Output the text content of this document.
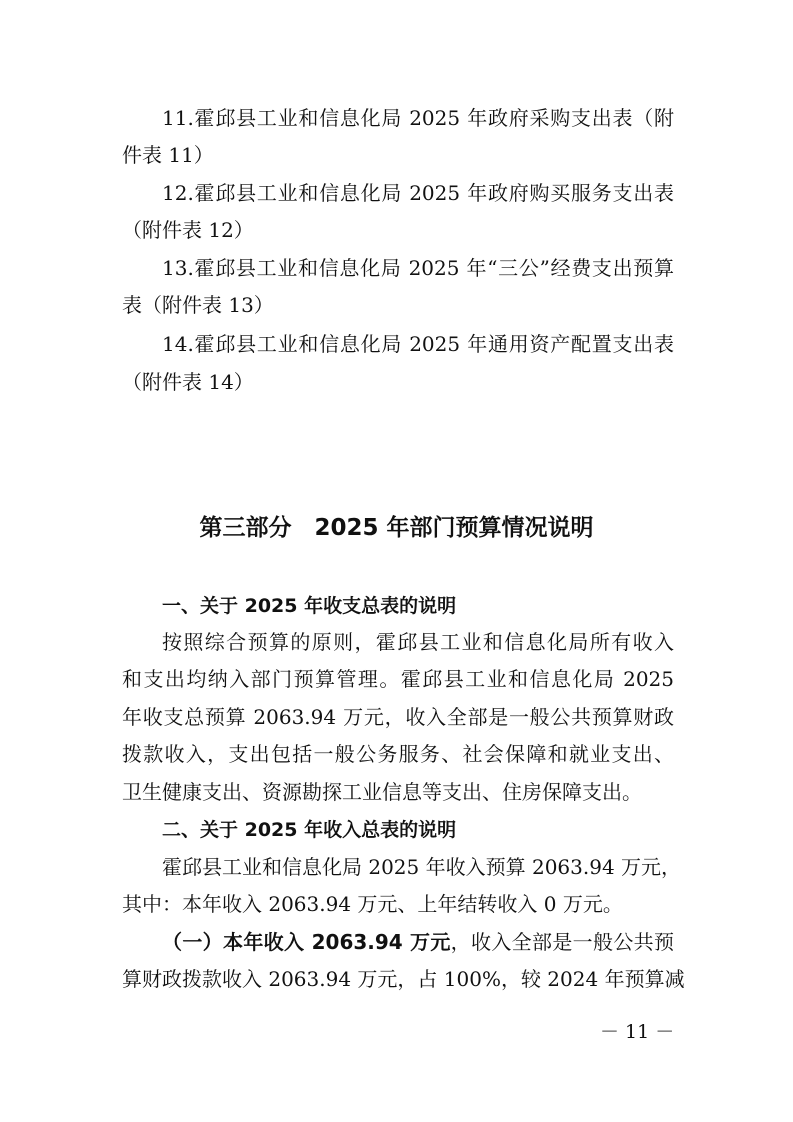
11.霍邱县工业和信息化局 2025 年政府采购支出表（附
件表 11）
12.霍邱县工业和信息化局 2025 年政府购买服务支出表
（附件表 12）
13.霍邱县工业和信息化局 2025 年“三公”经费支出预算
表（附件表 13）
14.霍邱县工业和信息化局 2025 年通用资产配置支出表
（附件表 14）
第三部分　2025 年部门预算情况说明
一、关于 2025 年收支总表的说明
按照综合预算的原则，霍邱县工业和信息化局所有收入
和支出均纳入部门预算管理。霍邱县工业和信息化局 2025
年收支总预算 2063.94 万元，收入全部是一般公共预算财政
拨款收入，支出包括一般公务服务、社会保障和就业支出、
卫生健康支出、资源勘探工业信息等支出、住房保障支出。
二、关于 2025 年收入总表的说明
霍邱县工业和信息化局 2025 年收入预算 2063.94 万元，
其中：本年收入 2063.94 万元、上年结转收入 0 万元。
（一）本年收入 2063.94 万元，收入全部是一般公共预
算财政拨款收入 2063.94 万元，占 100%，较 2024 年预算减
－ 11 －
